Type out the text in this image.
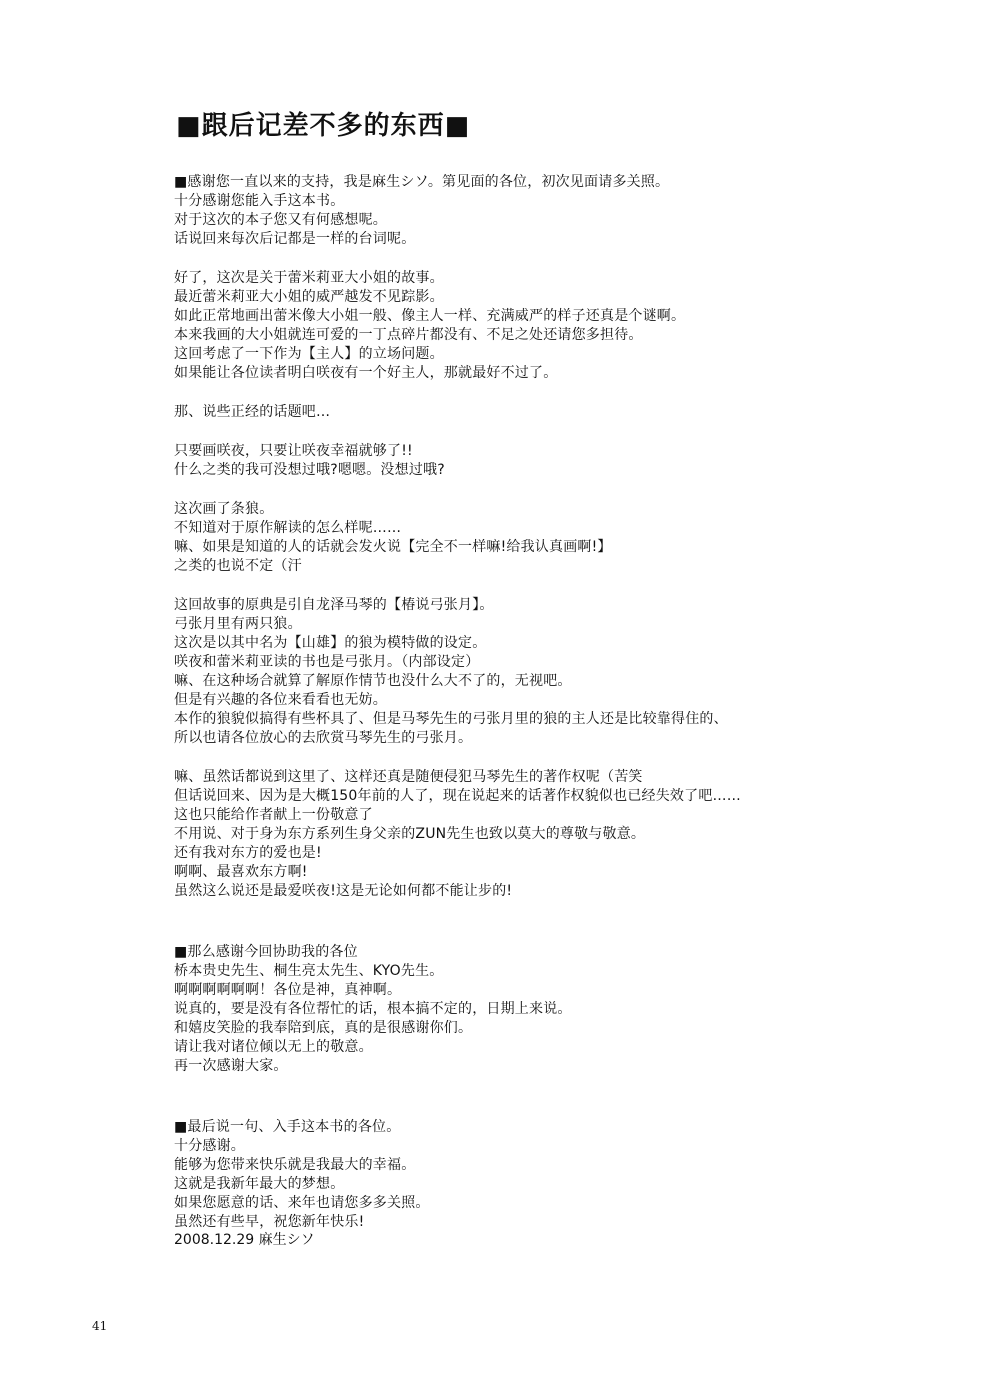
■跟后记差不多的东西■
■感谢您一直以来的支持，我是麻生シソ。第见面的各位，初次见面请多关照。
十分感谢您能入手这本书。
对于这次的本子您又有何感想呢。
话说回来每次后记都是一样的台词呢。
好了，这次是关于蕾米莉亚大小姐的故事。
最近蕾米莉亚大小姐的威严越发不见踪影。
如此正常地画出蕾米像大小姐一般、像主人一样、充满威严的样子还真是个谜啊。
本来我画的大小姐就连可爱的一丁点碎片都没有、不足之处还请您多担待。
这回考虑了一下作为【主人】的立场问题。
如果能让各位读者明白咲夜有一个好主人，那就最好不过了。
那、说些正经的话题吧…
只要画咲夜，只要让咲夜幸福就够了!!
什么之类的我可没想过哦?嗯嗯。没想过哦?
这次画了条狼。
不知道对于原作解读的怎么样呢……
嘛、如果是知道的人的话就会发火说【完全不一样嘛!给我认真画啊!】
之类的也说不定（汗
这回故事的原典是引自龙泽马琴的【椿说弓张月】。
弓张月里有两只狼。
这次是以其中名为【山雄】的狼为模特做的设定。
咲夜和蕾米莉亚读的书也是弓张月。（内部设定）
嘛、在这种场合就算了解原作情节也没什么大不了的，无视吧。
但是有兴趣的各位来看看也无妨。
本作的狼貌似搞得有些杯具了、但是马琴先生的弓张月里的狼的主人还是比较靠得住的、
所以也请各位放心的去欣赏马琴先生的弓张月。
嘛、虽然话都说到这里了、这样还真是随便侵犯马琴先生的著作权呢（苦笑
但话说回来、因为是大概150年前的人了，现在说起来的话著作权貌似也已经失效了吧……
这也只能给作者献上一份敬意了
不用说、对于身为东方系列生身父亲的ZUN先生也致以莫大的尊敬与敬意。
还有我对东方的爱也是!
啊啊、最喜欢东方啊!
虽然这么说还是最爱咲夜!这是无论如何都不能让步的!
■那么感谢今回协助我的各位
桥本贵史先生、桐生亮太先生、KYO先生。
啊啊啊啊啊啊！各位是神，真神啊。
说真的，要是没有各位帮忙的话，根本搞不定的，日期上来说。
和嬉皮笑脸的我奉陪到底，真的是很感谢你们。
请让我对诸位倾以无上的敬意。
再一次感谢大家。
■最后说一句、入手这本书的各位。
十分感谢。
能够为您带来快乐就是我最大的幸福。
这就是我新年最大的梦想。
如果您愿意的话、来年也请您多多关照。
虽然还有些早，祝您新年快乐!
2008.12.29 麻生シソ
41
